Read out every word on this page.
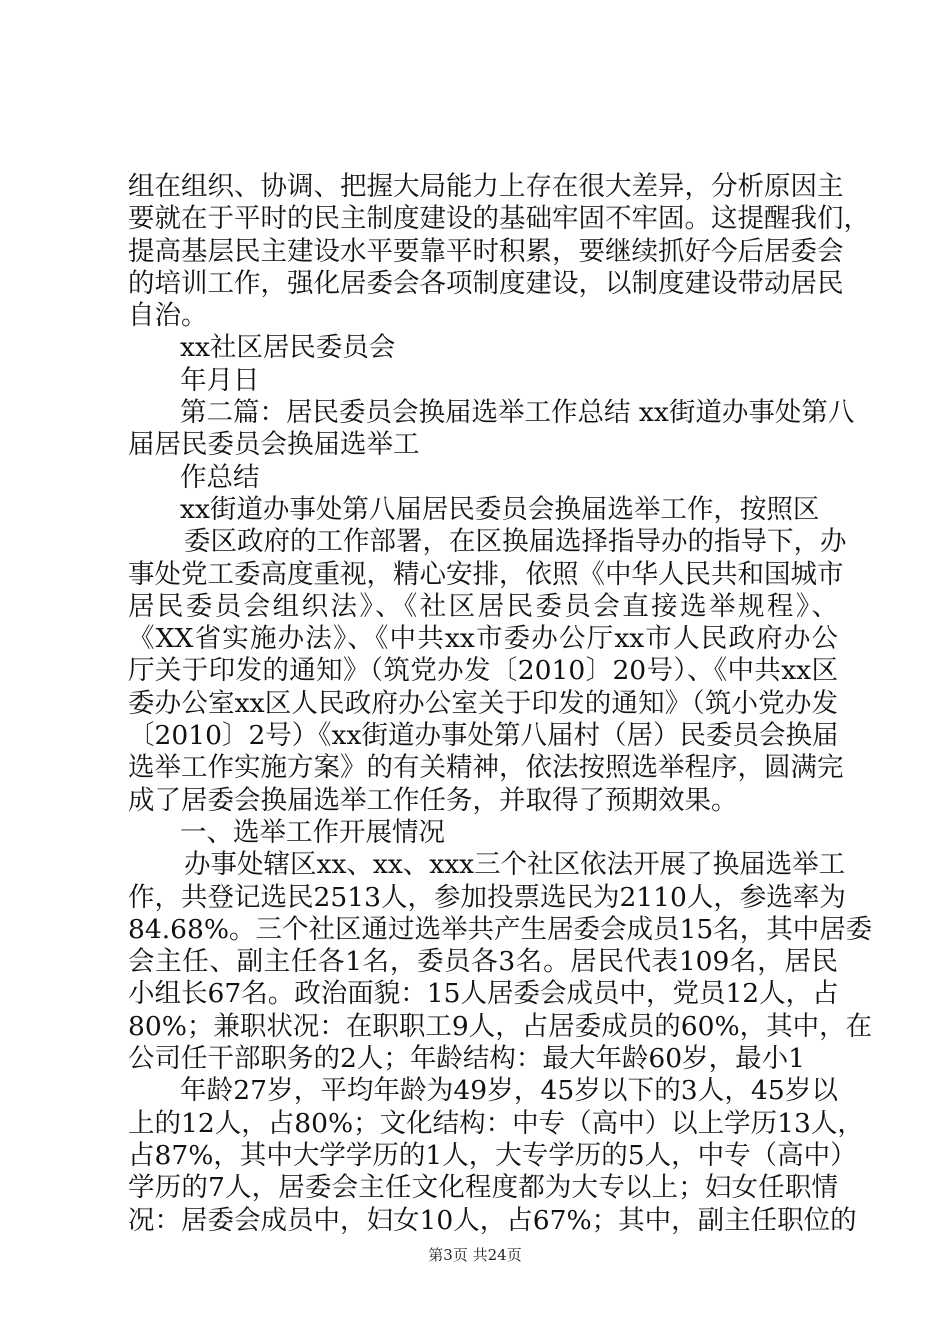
组在组织、协调、把握大局能力上存在很大差异，分析原因主
要就在于平时的民主制度建设的基础牢固不牢固。这提醒我们，
提高基层民主建设水平要靠平时积累，要继续抓好今后居委会
的培训工作，强化居委会各项制度建设，以制度建设带动居民
自治。
xx社区居民委员会
年月日
第二篇：居民委员会换届选举工作总结 xx街道办事处第八
届居民委员会换届选举工
作总结
xx街道办事处第八届居民委员会换届选举工作，按照区
委区政府的工作部署，在区换届选择指导办的指导下，办
事处党工委高度重视，精心安排，依照《中华人民共和国城市
居民委员会组织法》、《社区居民委员会直接选举规程》、
《XX省实施办法》、《中共xx市委办公厅xx市人民政府办公
厅关于印发的通知》（筑党办发〔2010〕20号）、《中共xx区
委办公室xx区人民政府办公室关于印发的通知》（筑小党办发
〔2010〕2号）《xx街道办事处第八届村（居）民委员会换届
选举工作实施方案》的有关精神，依法按照选举程序，圆满完
成了居委会换届选举工作任务，并取得了预期效果。
一、选举工作开展情况
办事处辖区xx、xx、xxx三个社区依法开展了换届选举工
作，共登记选民2513人，参加投票选民为2110人，参选率为
84.68%。三个社区通过选举共产生居委会成员15名，其中居委
会主任、副主任各1名，委员各3名。居民代表109名，居民
小组长67名。政治面貌：15人居委会成员中，党员12人，占
80%；兼职状况：在职职工9人，占居委成员的60%，其中，在
公司任干部职务的2人；年龄结构：最大年龄60岁，最小1
年龄27岁，平均年龄为49岁，45岁以下的3人，45岁以
上的12人，占80%；文化结构：中专（高中）以上学历13人，
占87%，其中大学学历的1人，大专学历的5人，中专（高中）
学历的7人，居委会主任文化程度都为大专以上；妇女任职情
况：居委会成员中，妇女10人，占67%；其中，副主任职位的
第3页 共24页
